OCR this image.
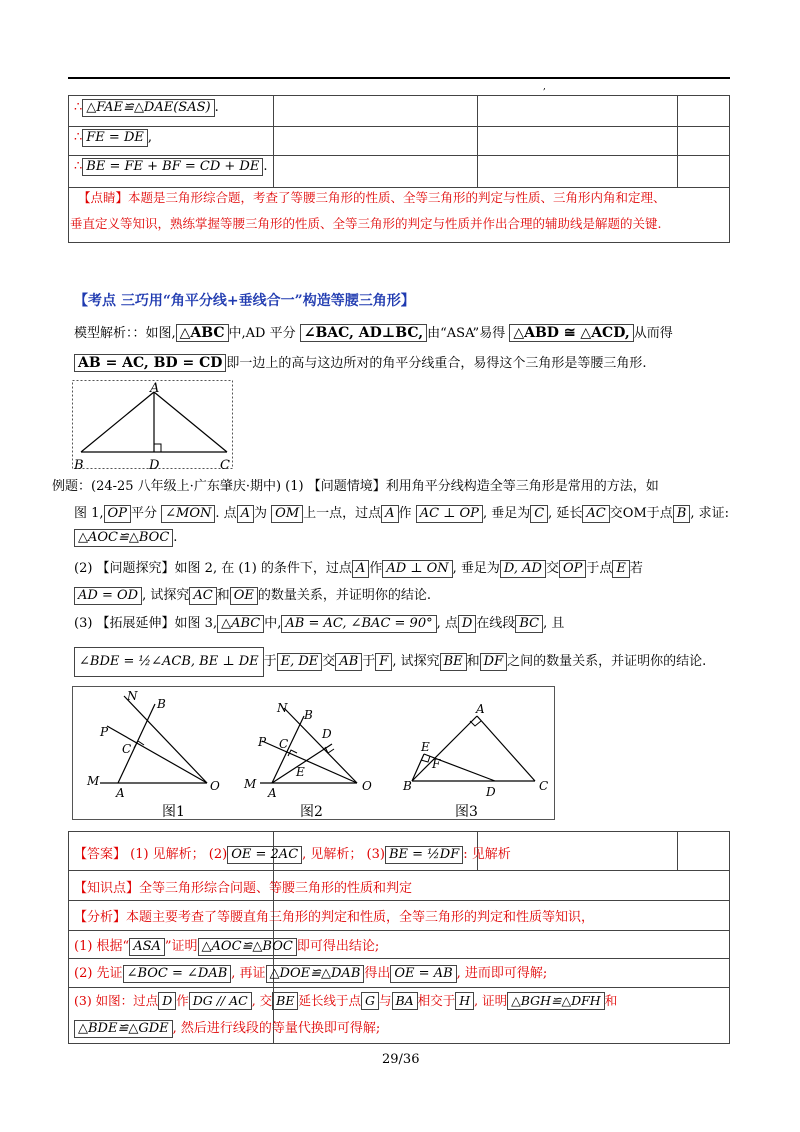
,
∴ △FAE≌△DAE(SAS) .
∴ FE = DE ,
∴ BE = FE + BF = CD + DE .
【点睛】本题是三角形综合题，考查了等腰三角形的性质、全等三角形的判定与性质、三角形内角和定理、
垂直定义等知识，熟练掌握等腰三角形的性质、全等三角形的判定与性质并作出合理的辅助线是解题的关键.
【考点 三巧用“角平分线+垂线合一”构造等腰三角形】
模型解析：：如图, △ABC 中,AD 平分 ∠BAC, AD⊥BC, 由“ASA”易得 △ABD ≅ △ACD, 从而得
AB = AC, BD = CD 即一边上的高与这边所对的角平分线重合，易得这个三角形是等腰三角形.
A
B	C
D
例题：(24-25 八年级上·广东肇庆·期中) (1) 【问题情境】利用角平分线构造全等三角形是常用的方法，如
图 1, OP 平分 ∠MON . 点 A 为 OM 上一点，过点 A 作 AC ⊥ OP , 垂足为 C , 延长 AC 交OM于点 B , 求证:
△AOC≌△BOC .
(2) 【问题探究】如图 2, 在 (1) 的条件下，过点 A 作 AD ⊥ ON , 垂足为 D, AD 交 OP 于点 E 若
AD = OD , 试探究 AC 和 OE 的数量关系，并证明你的结论.
(3) 【拓展延伸】如图 3, △ABC 中, AB = AC, ∠BAC = 90° , 点 D 在线段 BC , 且
∠BDE = ½∠ACB, BE ⊥ DE 于 E, DE 交 AB 于 F , 试探究 BE 和 DF 之间的数量关系，并证明你的结论.
N
B
P
C
M
A	O
图1
N B
D
P C
E
M
A	O
图2
A
E
F
B	D	C
图3
【答案】 (1) 见解析； (2) OE = 2AC , 见解析； (3) BE = ½DF : 见解析
【知识点】全等三角形综合问题、等腰三角形的性质和判定
【分析】本题主要考查了等腰直角三角形的判定和性质，全等三角形的判定和性质等知识，
(1) 根据“ ASA ”证明 △AOC≌△BOC 即可得出结论;
(2) 先证 ∠BOC = ∠DAB , 再证 △DOE≌△DAB 得出 OE = AB , 进而即可得解;
(3) 如图：过点 D 作 DG // AC , 交 BE 延长线于点 G 与 BA 相交于 H , 证明 △BGH≌△DFH 和
△BDE≌△GDE , 然后进行线段的等量代换即可得解;
29/36
